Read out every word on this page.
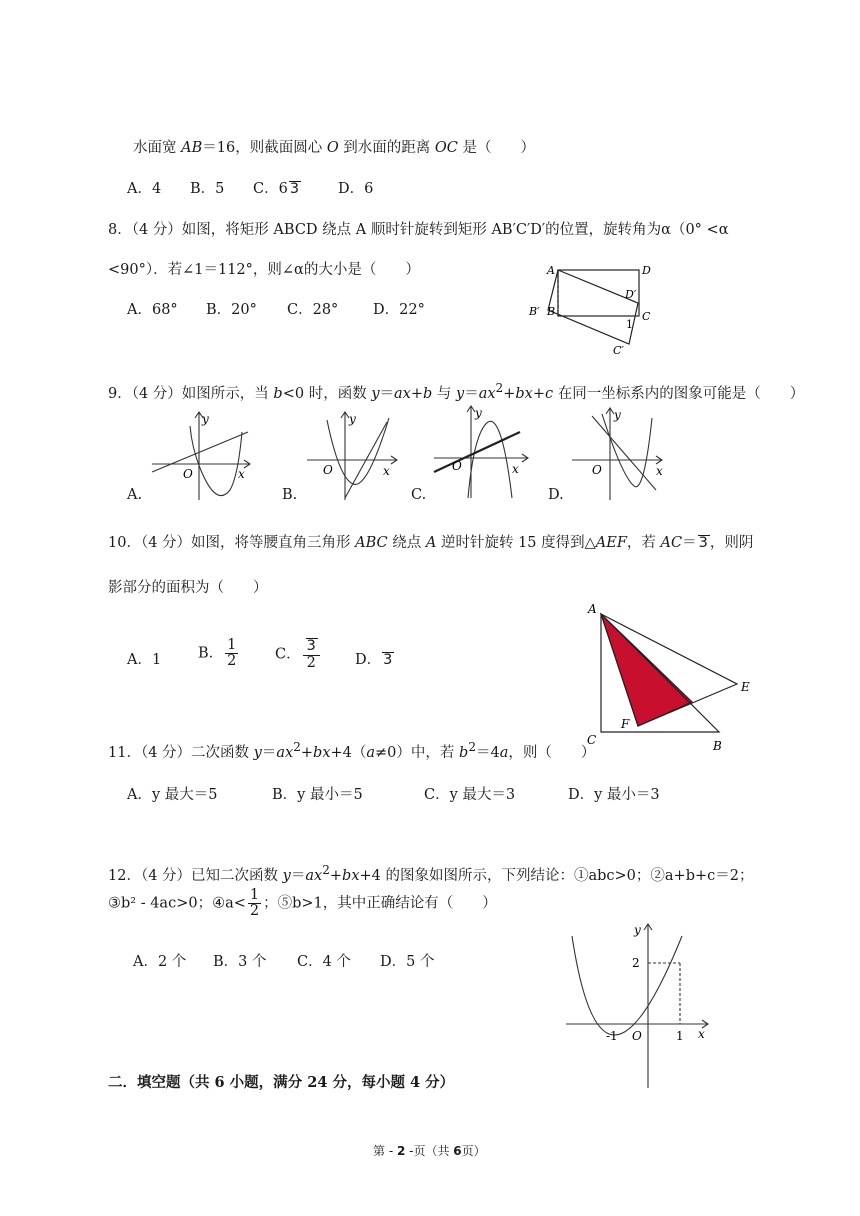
水面宽 AB＝16，则截面圆心 O 到水面的距离 OC 是（　　）
A．4 B．5 C．6 3	D．6
8．（4 分）如图，将矩形 ABCD 绕点 A 顺时针旋转到矩形 AB′C′D′的位置，旋转角为α（0° <α
<90°）．若∠1＝112°，则∠α的大小是（　　）
A．68° B．20° C．28° D．22°
A	D
D′
B′ B	C
1
C′
9．（4 分）如图所示，当 b<0 时，函数 y＝ax+b 与 $y=ax^2+bx+c$ 在同一坐标系内的图象可能是（　　）
y
x
O
A.
y
x
O
B.
y
x
O
C.
y
x
O
D.
10．（4 分）如图，将等腰直角三角形 ABC 绕点 A 逆时针旋转 15 度得到△AEF，若 AC＝ 3 ，则阴
影部分的面积为（　　）
A．1	B． $\frac{1}{2}$	C． $\frac{3}{2}$ D． 3
A
E
F
C	B
11．（4 分）二次函数 $y=ax^2+bx+4(a\ne 0)$中，若 $b^2=4a$，则（　　）
A．y 最大＝5	B．y 最小＝5	C．y 最大＝3	D．y 最小＝3
12．（4 分）已知二次函数 $y=ax^2+bx+4$ 的图象如图所示，下列结论：①abc>0；②a+b+c＝2；
③b² - 4ac>0；④a< $\frac{1}{2}$ ；⑤b>1，其中正确结论有（　　）
A．2 个 B．3 个 C．4 个 D．5 个
y
2
-1 O	1 x
二．填空题（共 6 小题，满分 24 分，每小题 4 分）
第 - 2 -页（共 6页）
